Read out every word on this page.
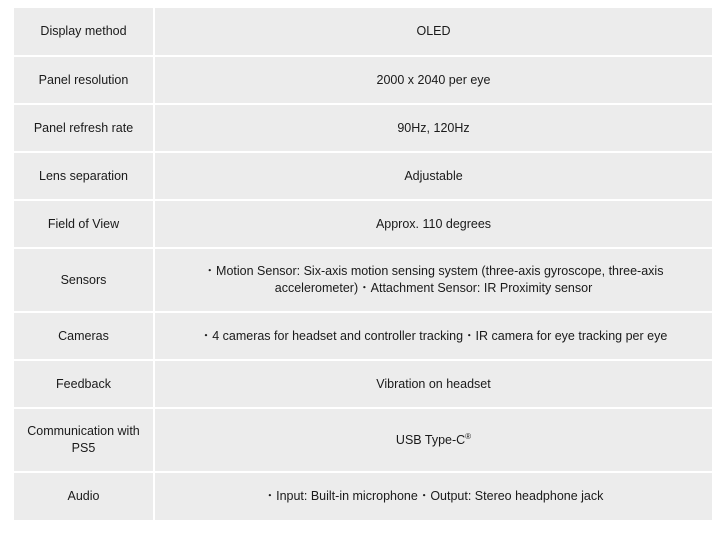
Display method	OLED
Panel resolution	2000 x 2040 per eye
Panel refresh rate	90Hz, 120Hz
Lens separation	Adjustable
Field of View	Approx. 110 degrees
Sensors	・Motion Sensor: Six-axis motion sensing system (three-axis gyroscope, three-axis accelerometer)・Attachment Sensor: IR Proximity sensor
Cameras	・4 cameras for headset and controller tracking・IR camera for eye tracking per eye
Feedback	Vibration on headset
Communication with PS5	USB Type-C®
Audio	・Input: Built-in microphone・Output: Stereo headphone jack
